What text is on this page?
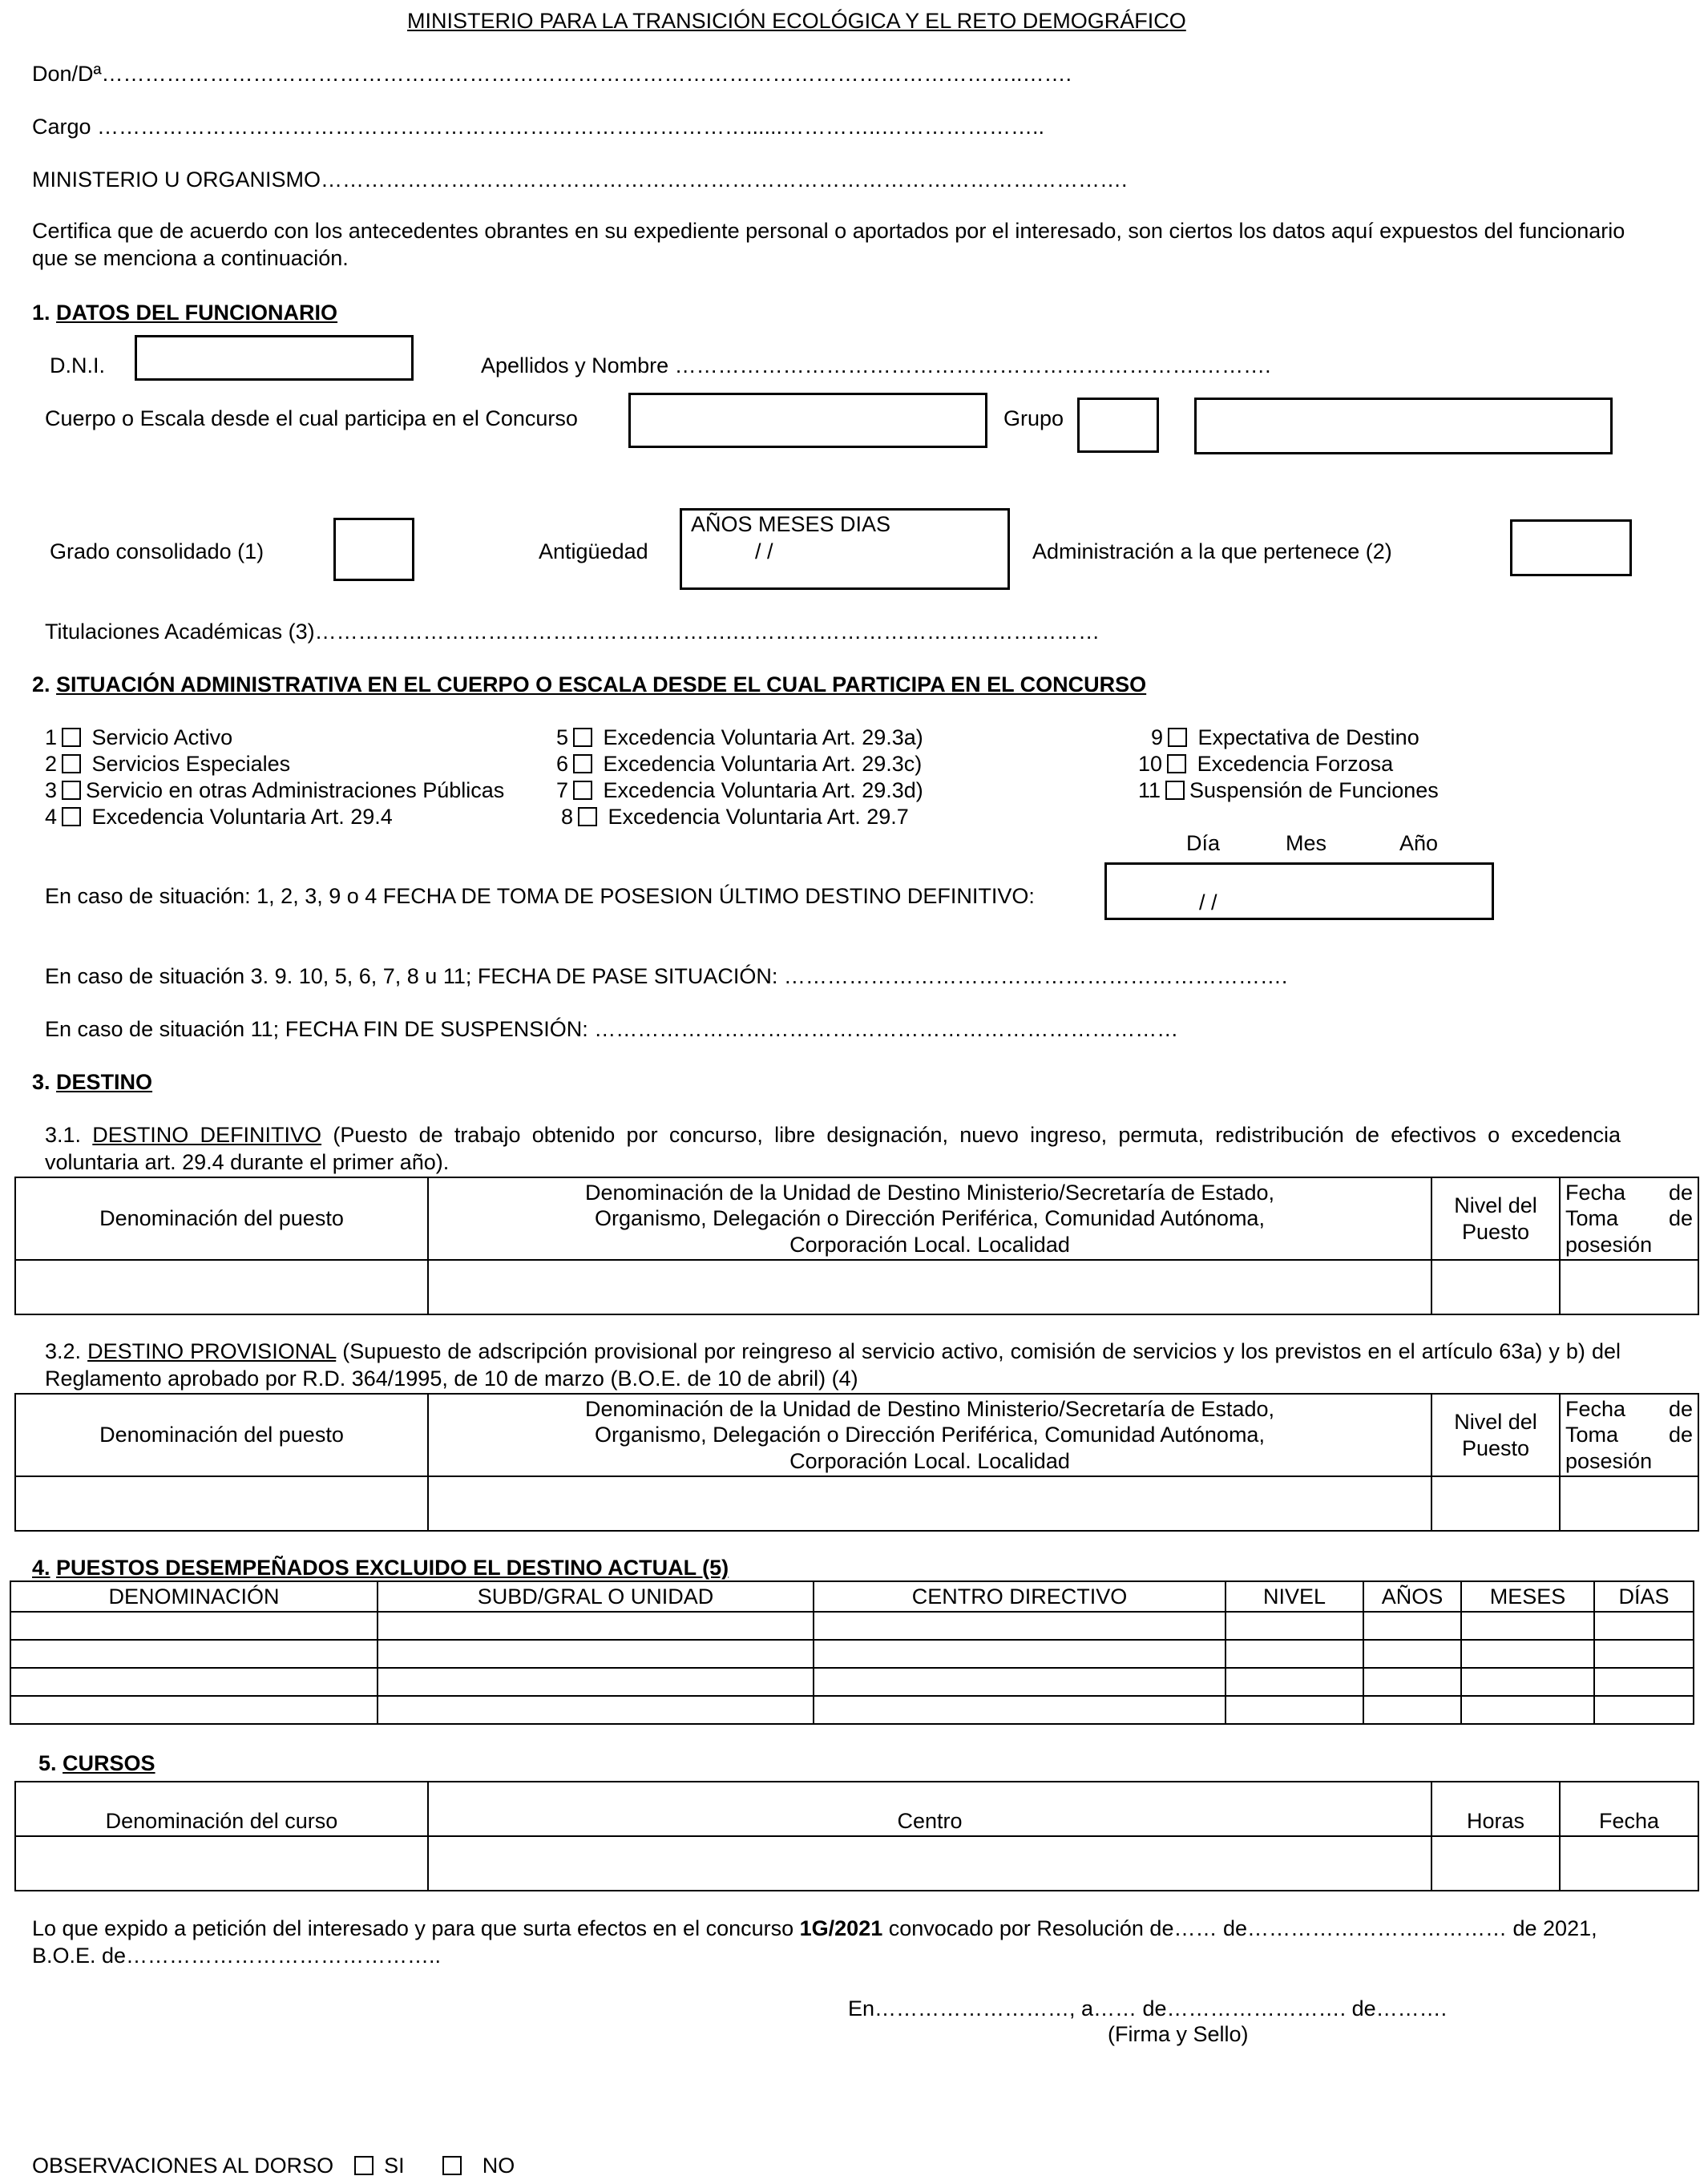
MINISTERIO PARA LA TRANSICIÓN ECOLÓGICA Y EL RETO DEMOGRÁFICO
Don/Dª………………………………………………………………………………………………………………..…….
Cargo ………………………………………………………………………………......…………..…………………..
MINISTERIO U ORGANISMO………………………………………………………………………………………………….
Certifica que de acuerdo con los antecedentes obrantes en su expediente personal o aportados por el interesado, son ciertos los datos aquí expuestos del funcionario que se menciona a continuación.
1. DATOS DEL FUNCIONARIO
D.N.I.	Apellidos y Nombre ……………………………………………………………….……….
Cuerpo o Escala desde el cual participa en el Concurso	Grupo
Grado consolidado (1)	Antigüedad
AÑOS MESES DIAS
/ /	Administración a la que pertenece (2)
Titulaciones Académicas (3)………………………………………………….……………………………………………
2. SITUACIÓN ADMINISTRATIVA EN EL CUERPO O ESCALA DESDE EL CUAL PARTICIPA EN EL CONCURSO
1 Servicio Activo
2 Servicios Especiales
3 Servicio en otras Administraciones Públicas
4 Excedencia Voluntaria Art. 29.4
5 Excedencia Voluntaria Art. 29.3a)
6 Excedencia Voluntaria Art. 29.3c)
7 Excedencia Voluntaria Art. 29.3d)
8 Excedencia Voluntaria Art. 29.7
9 Expectativa de Destino
10 Excedencia Forzosa
11 Suspensión de Funciones
Día	Mes	Año
En caso de situación: 1, 2, 3, 9 o 4 FECHA DE TOMA DE POSESION ÚLTIMO DESTINO DEFINITIVO:	/ /
En caso de situación 3. 9. 10, 5, 6, 7, 8 u 11; FECHA DE PASE SITUACIÓN: …………………………………………………………….
En caso de situación 11; FECHA FIN DE SUSPENSIÓN: ………………………………………………………………………
3. DESTINO
3.1. DESTINO DEFINITIVO (Puesto de trabajo obtenido por concurso, libre designación, nuevo ingreso, permuta, redistribución de efectivos o excedencia voluntaria art. 29.4 durante el primer año).
Denominación del puesto	Denominación de la Unidad de Destino Ministerio/Secretaría de Estado, Organismo, Delegación o Dirección Periférica, Comunidad Autónoma, Corporación Local. Localidad	Nivel del Puesto	Fecha de Toma de posesión

3.2. DESTINO PROVISIONAL (Supuesto de adscripción provisional por reingreso al servicio activo, comisión de servicios y los previstos en el artículo 63a) y b) del Reglamento aprobado por R.D. 364/1995, de 10 de marzo (B.O.E. de 10 de abril) (4)
Denominación del puesto	Denominación de la Unidad de Destino Ministerio/Secretaría de Estado, Organismo, Delegación o Dirección Periférica, Comunidad Autónoma, Corporación Local. Localidad	Nivel del Puesto	Fecha de Toma de posesión

4. PUESTOS DESEMPEÑADOS EXCLUIDO EL DESTINO ACTUAL (5)
DENOMINACIÓN	SUBD/GRAL O UNIDAD	CENTRO DIRECTIVO	NIVEL	AÑOS	MESES	DÍAS

5. CURSOS
Denominación del curso	Centro	Horas	Fecha

Lo que expido a petición del interesado y para que surta efectos en el concurso 1G/2021 convocado por Resolución de…… de……………………………… de 2021, B.O.E. de……………………………………..
En………………………, a…… de……………………. de……….
(Firma y Sello)
OBSERVACIONES AL DORSO SI	NO
